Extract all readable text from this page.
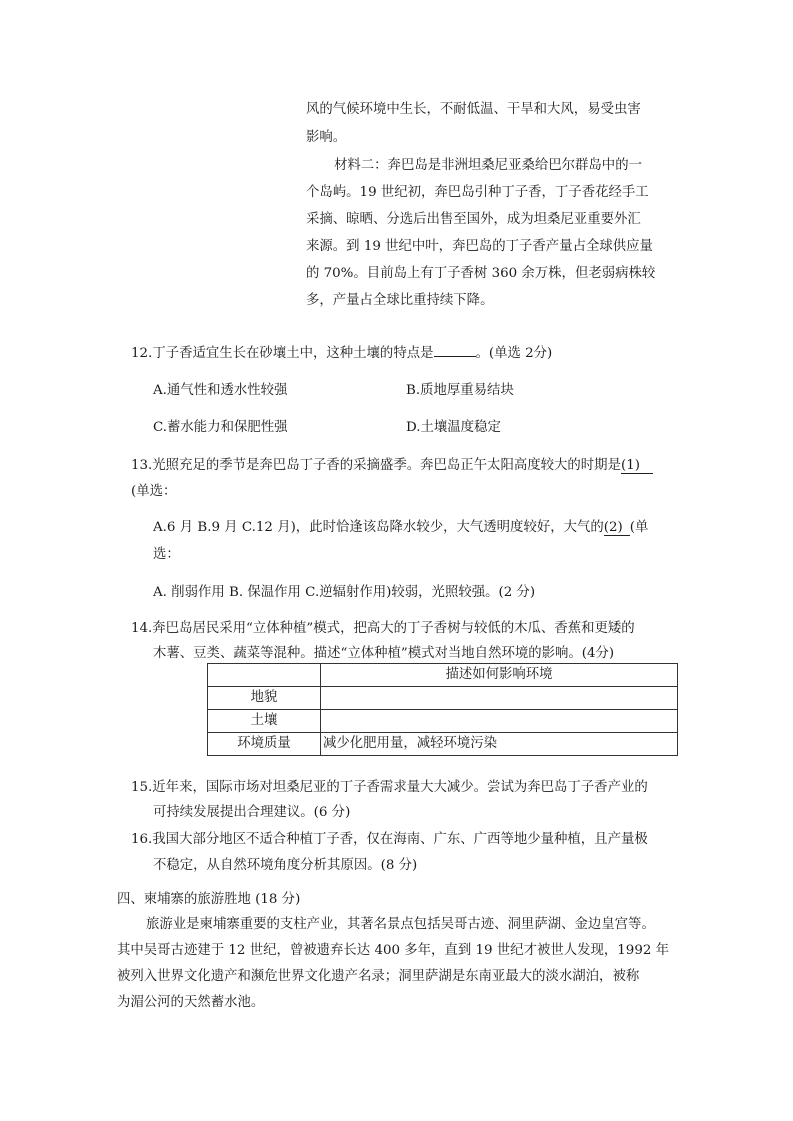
风的气候环境中生长，不耐低温、干旱和大风，易受虫害
影响。
材料二：奔巴岛是非洲坦桑尼亚桑给巴尔群岛中的一
个岛屿。19 世纪初，奔巴岛引种丁子香，丁子香花经手工
采摘、晾晒、分选后出售至国外，成为坦桑尼亚重要外汇
来源。到 19 世纪中叶，奔巴岛的丁子香产量占全球供应量
的 70%。目前岛上有丁子香树 360 余万株，但老弱病株较
多，产量占全球比重持续下降。
12.丁子香适宜生长在砂壤土中，这种土壤的特点是	。(单选 2分)
A.通气性和透水性较强	B.质地厚重易结块
C.蓄水能力和保肥性强	D.土壤温度稳定
13.光照充足的季节是奔巴岛丁子香的采摘盛季。奔巴岛正午太阳高度较大的时期是(1)
(单选：
A.6 月 B.9 月 C.12 月)，此时恰逢该岛降水较少，大气透明度较好，大气的(2) (单
选：
A. 削弱作用 B. 保温作用 C.逆辐射作用)较弱，光照较强。(2 分)
14.奔巴岛居民采用“立体种植”模式，把高大的丁子香树与较低的木瓜、香蕉和更矮的
木薯、豆类、蔬菜等混种。描述“立体种植”模式对当地自然环境的影响。(4分)
	描述如何影响环境
地貌	
土壤	
环境质量	减少化肥用量，减轻环境污染
15.近年来，国际市场对坦桑尼亚的丁子香需求量大大减少。尝试为奔巴岛丁子香产业的
可持续发展提出合理建议。(6 分)
16.我国大部分地区不适合种植丁子香，仅在海南、广东、广西等地少量种植，且产量极
不稳定，从自然环境角度分析其原因。(8 分)
四、柬埔寨的旅游胜地 (18 分)
旅游业是柬埔寨重要的支柱产业，其著名景点包括吴哥古迹、洞里萨湖、金边皇宫等。
其中吴哥古迹建于 12 世纪，曾被遗弃长达 400 多年，直到 19 世纪才被世人发现，1992 年
被列入世界文化遗产和濒危世界文化遗产名录；洞里萨湖是东南亚最大的淡水湖泊，被称
为湄公河的天然蓄水池。
